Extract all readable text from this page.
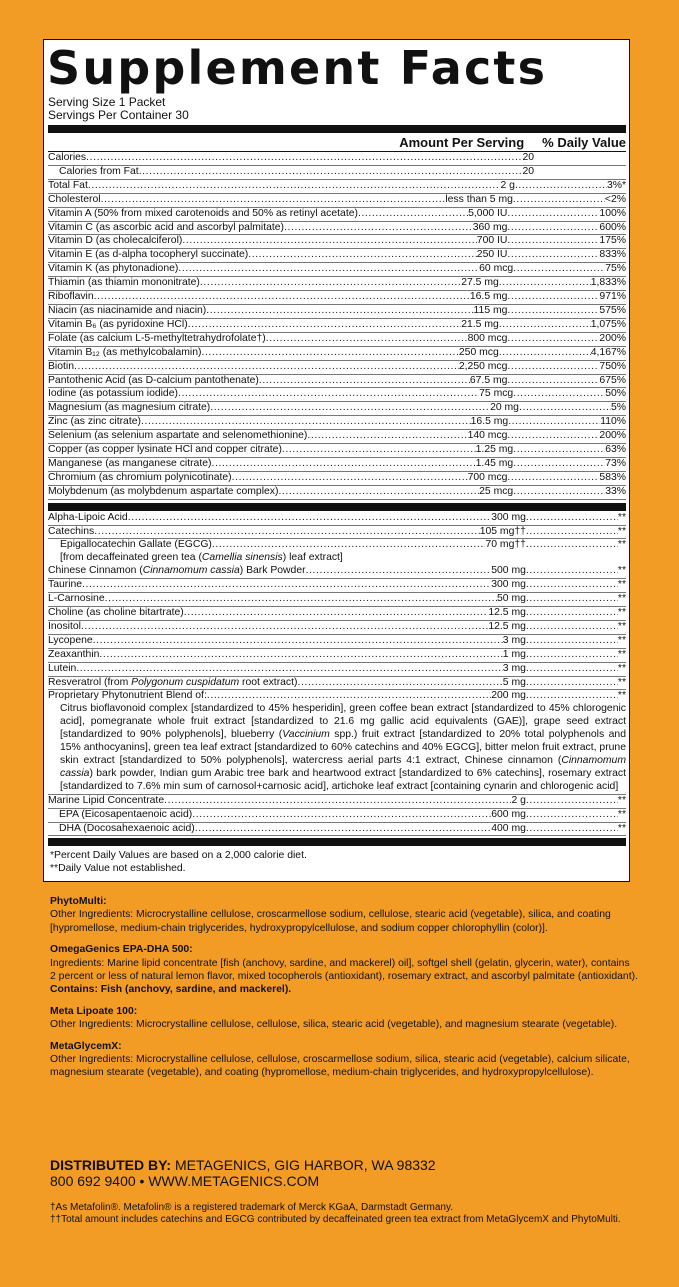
Supplement Facts
Serving Size 1 Packet
Servings Per Container 30
Amount Per Serving % Daily Value
Calories .....	20
Calories from Fat .....	20
Total Fat .....	2 g .....	3%*
Cholesterol .....	less than 5 mg .....	<2%
Vitamin A (50% from mixed carotenoids and 50% as retinyl acetate) .....	5,000 IU .....	100%
Vitamin C (as ascorbic acid and ascorbyl palmitate) .....	360 mg .....	600%
Vitamin D (as cholecalciferol) .....	700 IU .....	175%
Vitamin E (as d-alpha tocopheryl succinate) .....	250 IU .....	833%
Vitamin K (as phytonadione) .....	60 mcg .....	75%
Thiamin (as thiamin mononitrate) .....	27.5 mg .....	1,833%
Riboflavin .....	16.5 mg .....	971%
Niacin (as niacinamide and niacin) .....	115 mg .....	575%
Vitamin B₆ (as pyridoxine HCl) .....	21.5 mg .....	1,075%
Folate (as calcium L-5-methyltetrahydrofolate†) .....	800 mcg .....	200%
Vitamin B₁₂ (as methylcobalamin) .....	250 mcg .....	4,167%
Biotin .....	2,250 mcg .....	750%
Pantothenic Acid (as D-calcium pantothenate) .....	67.5 mg .....	675%
Iodine (as potassium iodide) .....	75 mcg .....	50%
Magnesium (as magnesium citrate) .....	20 mg .....	5%
Zinc (as zinc citrate) .....	16.5 mg .....	110%
Selenium (as selenium aspartate and selenomethionine) .....	140 mcg .....	200%
Copper (as copper lysinate HCl and copper citrate) .....	1.25 mg .....	63%
Manganese (as manganese citrate) .....	1.45 mg .....	73%
Chromium (as chromium polynicotinate) .....	700 mcg .....	583%
Molybdenum (as molybdenum aspartate complex) .....	25 mcg .....	33%
Alpha-Lipoic Acid .....	300 mg .....	**
Catechins .....	105 mg†† .....	**
Epigallocatechin Gallate (EGCG) .....	70 mg†† .....	**
[from decaffeinated green tea (Camellia sinensis) leaf extract]
Chinese Cinnamon (Cinnamomum cassia) Bark Powder .....	500 mg .....	**
Taurine .....	300 mg .....	**
L-Carnosine .....	50 mg .....	**
Choline (as choline bitartrate) .....	12.5 mg .....	**
Inositol .....	12.5 mg .....	**
Lycopene .....	3 mg .....	**
Zeaxanthin .....	1 mg .....	**
Lutein .....	3 mg .....	**
Resveratrol (from Polygonum cuspidatum root extract) .....	5 mg .....	**
Proprietary Phytonutrient Blend of: .....	200 mg .....	**
Citrus bioflavonoid complex [standardized to 45% hesperidin], green coffee bean extract [standardized to 45% chlorogenic acid], pomegranate whole fruit extract [standardized to 21.6 mg gallic acid equivalents (GAE)], grape seed extract [standardized to 90% polyphenols], blueberry (Vaccinium spp.) fruit extract [standardized to 20% total polyphenols and 15% anthocyanins], green tea leaf extract [standardized to 60% catechins and 40% EGCG], bitter melon fruit extract, prune skin extract [standardized to 50% polyphenols], watercress aerial parts 4:1 extract, Chinese cinnamon (Cinnamomum cassia) bark powder, Indian gum Arabic tree bark and heartwood extract [standardized to 6% catechins], rosemary extract [standardized to 7.6% min sum of carnosol+carnosic acid], artichoke leaf extract [containing cynarin and chlorogenic acid]
Marine Lipid Concentrate .....	2 g .....	**
EPA (Eicosapentaenoic acid) .....	600 mg .....	**
DHA (Docosahexaenoic acid) .....	400 mg .....	**
*Percent Daily Values are based on a 2,000 calorie diet.
**Daily Value not established.

PhytoMulti:
Other Ingredients: Microcrystalline cellulose, croscarmellose sodium, cellulose, stearic acid (vegetable), silica, and coating [hypromellose, medium-chain triglycerides, hydroxypropylcellulose, and sodium copper chlorophyllin (color)].

OmegaGenics EPA-DHA 500:
Ingredients: Marine lipid concentrate [fish (anchovy, sardine, and mackerel) oil], softgel shell (gelatin, glycerin, water), contains 2 percent or less of natural lemon flavor, mixed tocopherols (antioxidant), rosemary extract, and ascorbyl palmitate (antioxidant). Contains: Fish (anchovy, sardine, and mackerel).

Meta Lipoate 100:
Other Ingredients: Microcrystalline cellulose, cellulose, silica, stearic acid (vegetable), and magnesium stearate (vegetable).

MetaGlycemX:
Other Ingredients: Microcrystalline cellulose, cellulose, croscarmellose sodium, silica, stearic acid (vegetable), calcium silicate, magnesium stearate (vegetable), and coating (hypromellose, medium-chain triglycerides, and hydroxypropylcellulose).

DISTRIBUTED BY: METAGENICS, GIG HARBOR, WA 98332
800 692 9400 • WWW.METAGENICS.COM
†As Metafolin®. Metafolin® is a registered trademark of Merck KGaA, Darmstadt Germany.
††Total amount includes catechins and EGCG contributed by decaffeinated green tea extract from MetaGlycemX and PhytoMulti.
